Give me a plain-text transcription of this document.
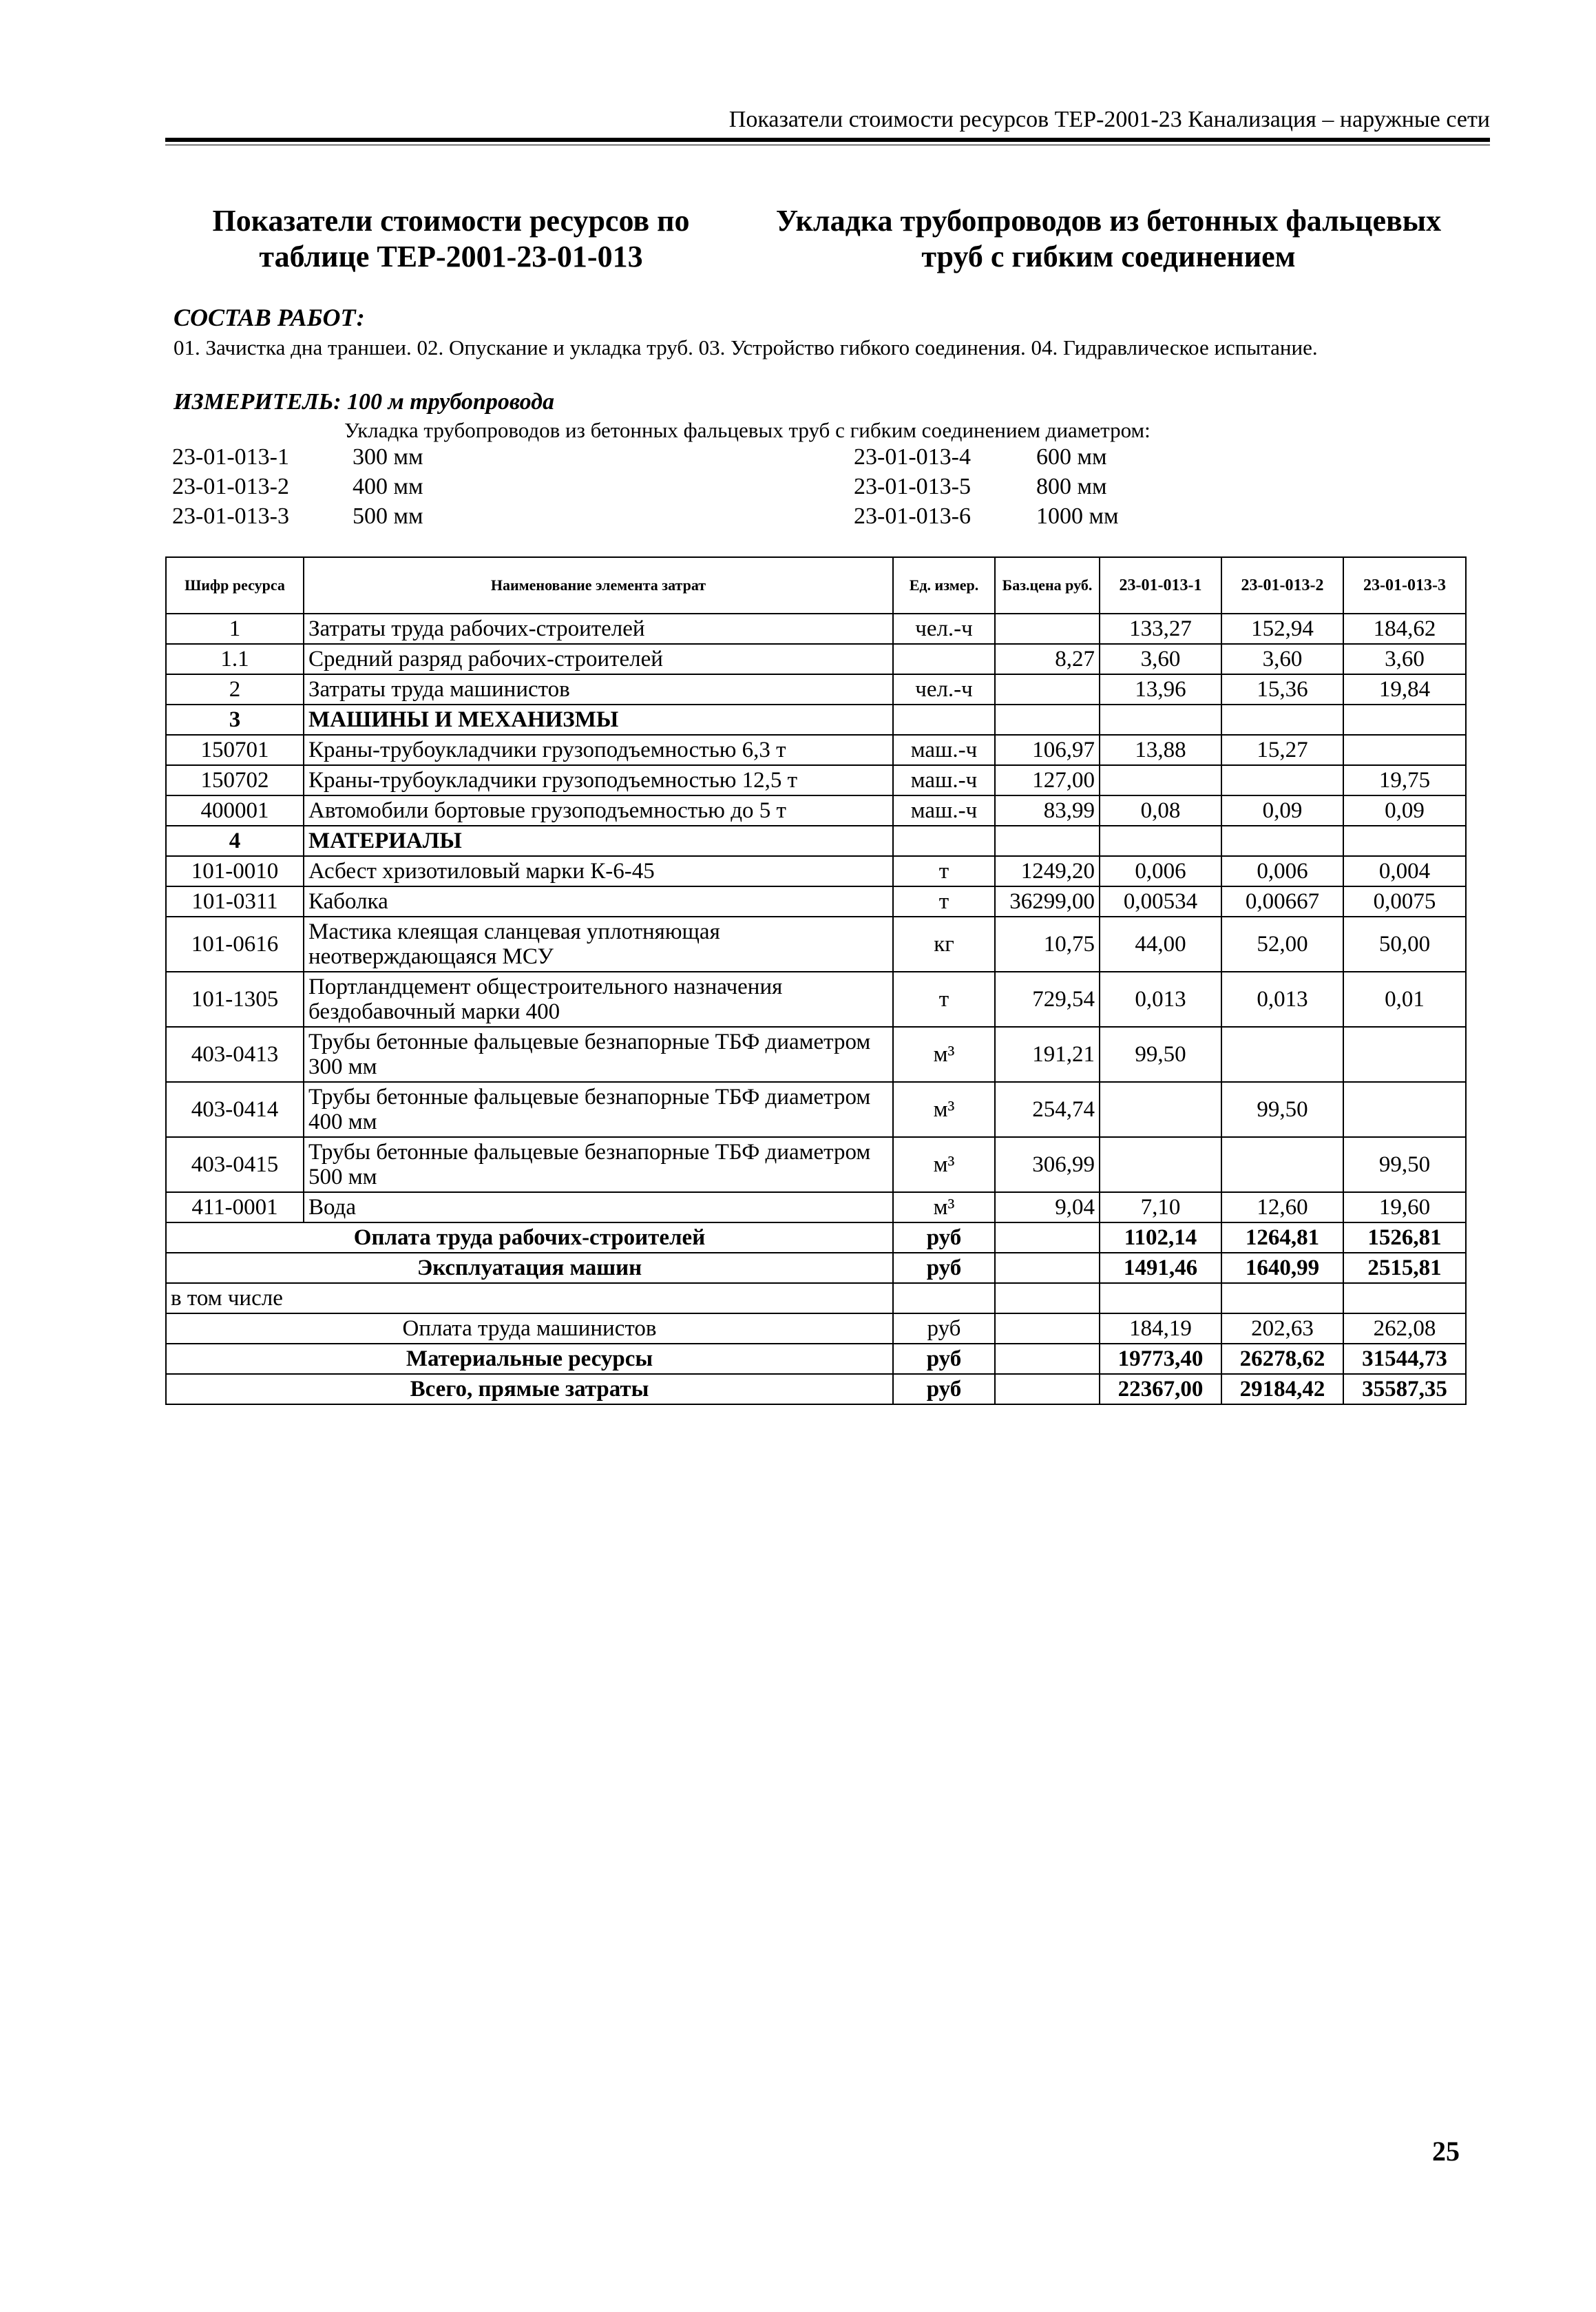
Показатели стоимости ресурсов ТЕР-2001-23 Канализация – наружные сети
Показатели стоимости ресурсов по
таблице ТЕР-2001-23-01-013
Укладка трубопроводов из бетонных фальцевых
труб с гибким соединением
СОСТАВ РАБОТ:
01. Зачистка дна траншеи. 02. Опускание и укладка труб. 03. Устройство гибкого соединения. 04. Гидравлическое испытание.
ИЗМЕРИТЕЛЬ: 100 м трубопровода
Укладка трубопроводов из бетонных фальцевых труб с гибким соединением диаметром:
23-01-013-1	300 мм
23-01-013-2	400 мм
23-01-013-3	500 мм
23-01-013-4	600 мм
23-01-013-5	800 мм
23-01-013-6	1000 мм
Шифр ресурса	Наименование элемента затрат	Ед. измер.	Баз.цена руб.	23-01-013-1	23-01-013-2	23-01-013-3
1	Затраты труда рабочих-строителей	чел.-ч		133,27	152,94	184,62
1.1	Средний разряд рабочих-строителей		8,27	3,60	3,60	3,60
2	Затраты труда машинистов	чел.-ч		13,96	15,36	19,84
3	МАШИНЫ И МЕХАНИЗМЫ					
150701	Краны-трубоукладчики грузоподъемностью 6,3 т	маш.-ч	106,97	13,88	15,27	
150702	Краны-трубоукладчики грузоподъемностью 12,5 т	маш.-ч	127,00			19,75
400001	Автомобили бортовые грузоподъемностью до 5 т	маш.-ч	83,99	0,08	0,09	0,09
4	МАТЕРИАЛЫ					
101-0010	Асбест хризотиловый марки К-6-45	т	1249,20	0,006	0,006	0,004
101-0311	Каболка	т	36299,00	0,00534	0,00667	0,0075
101-0616	Мастика клеящая сланцевая уплотняющая неотверждающаяся МСУ	кг	10,75	44,00	52,00	50,00
101-1305	Портландцемент общестроительного назначения бездобавочный марки 400	т	729,54	0,013	0,013	0,01
403-0413	Трубы бетонные фальцевые безнапорные ТБФ диаметром 300 мм	м³	191,21	99,50		
403-0414	Трубы бетонные фальцевые безнапорные ТБФ диаметром 400 мм	м³	254,74		99,50	
403-0415	Трубы бетонные фальцевые безнапорные ТБФ диаметром 500 мм	м³	306,99			99,50
411-0001	Вода	м³	9,04	7,10	12,60	19,60
Оплата труда рабочих-строителей		руб		1102,14	1264,81	1526,81
Эксплуатация машин		руб		1491,46	1640,99	2515,81
в том числе						
Оплата труда машинистов		руб		184,19	202,63	262,08
Материальные ресурсы		руб		19773,40	26278,62	31544,73
Всего, прямые затраты		руб		22367,00	29184,42	35587,35
25
